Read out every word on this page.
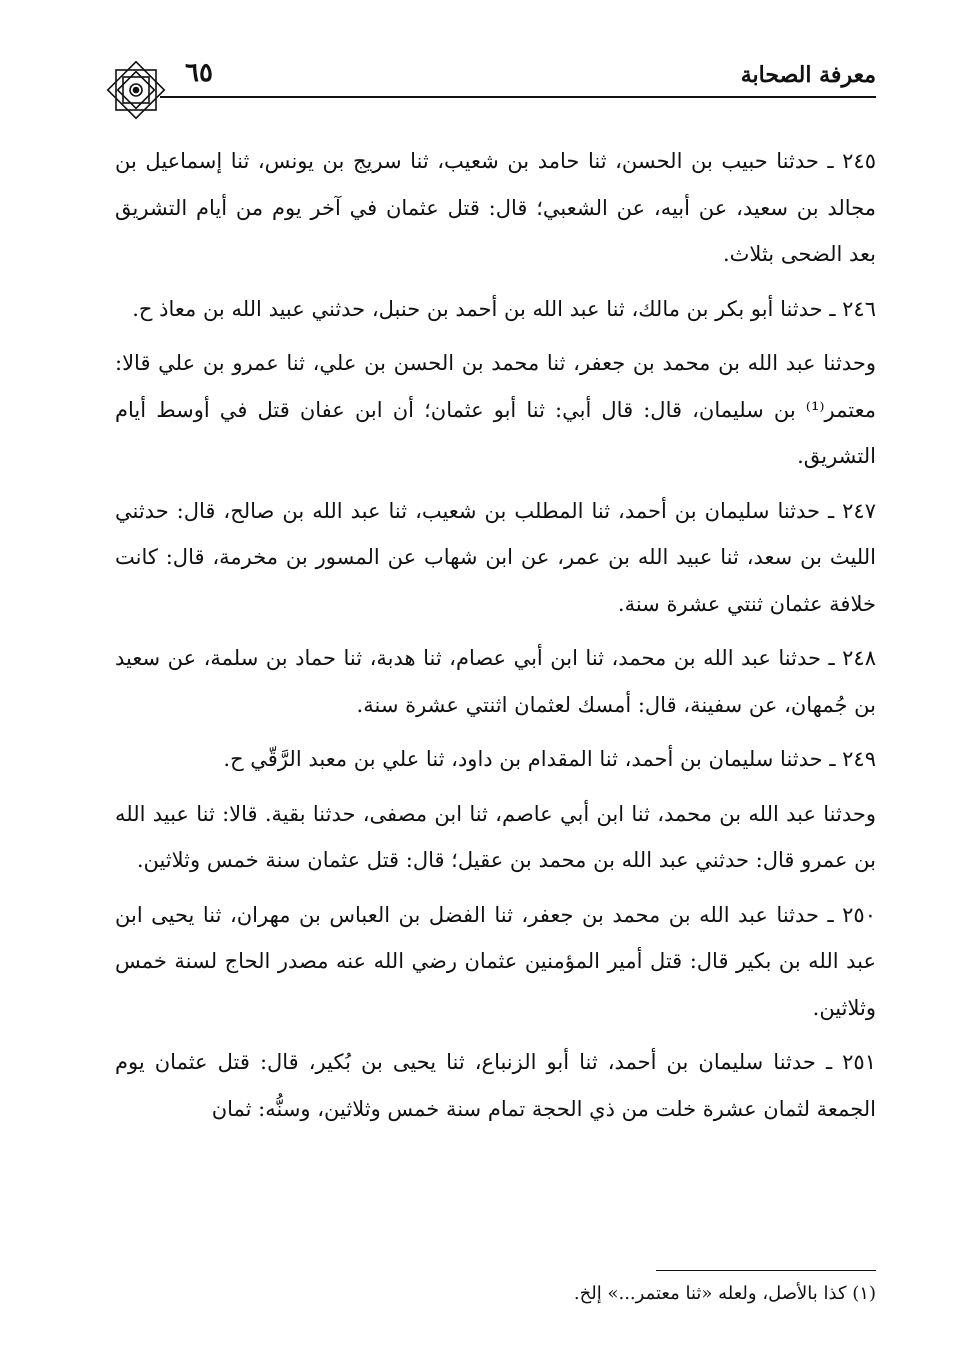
معرفة الصحابة
٦٥

٢٤٥ ـ حدثنا حبيب بن الحسن، ثنا حامد بن شعيب، ثنا سريج بن يونس، ثنا إسماعيل بن مجالد بن سعيد، عن أبيه، عن الشعبي؛ قال: قتل عثمان في آخر يوم من أيام التشريق بعد الضحى بثلاث.

٢٤٦ ـ حدثنا أبو بكر بن مالك، ثنا عبد الله بن أحمد بن حنبل، حدثني عبيد الله بن معاذ ح.

وحدثنا عبد الله بن محمد بن جعفر، ثنا محمد بن الحسن بن علي، ثنا عمرو بن علي قالا: معتمر⁽¹⁾ بن سليمان، قال: قال أبي: ثنا أبو عثمان؛ أن ابن عفان قتل في أوسط أيام التشريق.

٢٤٧ ـ حدثنا سليمان بن أحمد، ثنا المطلب بن شعيب، ثنا عبد الله بن صالح، قال: حدثني الليث بن سعد، ثنا عبيد الله بن عمر، عن ابن شهاب عن المسور بن مخرمة، قال: كانت خلافة عثمان ثنتي عشرة سنة.

٢٤٨ ـ حدثنا عبد الله بن محمد، ثنا ابن أبي عصام، ثنا هدبة، ثنا حماد بن سلمة، عن سعيد بن جُمهان، عن سفينة، قال: أمسك لعثمان اثنتي عشرة سنة.

٢٤٩ ـ حدثنا سليمان بن أحمد، ثنا المقدام بن داود، ثنا علي بن معبد الرَّقّي ح.

وحدثنا عبد الله بن محمد، ثنا ابن أبي عاصم، ثنا ابن مصفى، حدثنا بقية. قالا: ثنا عبيد الله بن عمرو قال: حدثني عبد الله بن محمد بن عقيل؛ قال: قتل عثمان سنة خمس وثلاثين.

٢٥٠ ـ حدثنا عبد الله بن محمد بن جعفر، ثنا الفضل بن العباس بن مهران، ثنا يحيى ابن عبد الله بن بكير قال: قتل أمير المؤمنين عثمان رضي الله عنه مصدر الحاج لسنة خمس وثلاثين.

٢٥١ ـ حدثنا سليمان بن أحمد، ثنا أبو الزنباع، ثنا يحيى بن بُكير، قال: قتل عثمان يوم الجمعة لثمان عشرة خلت من ذي الحجة تمام سنة خمس وثلاثين، وسنُّه: ثمان

(١) كذا بالأصل، ولعله «ثنا معتمر...» إلخ.
